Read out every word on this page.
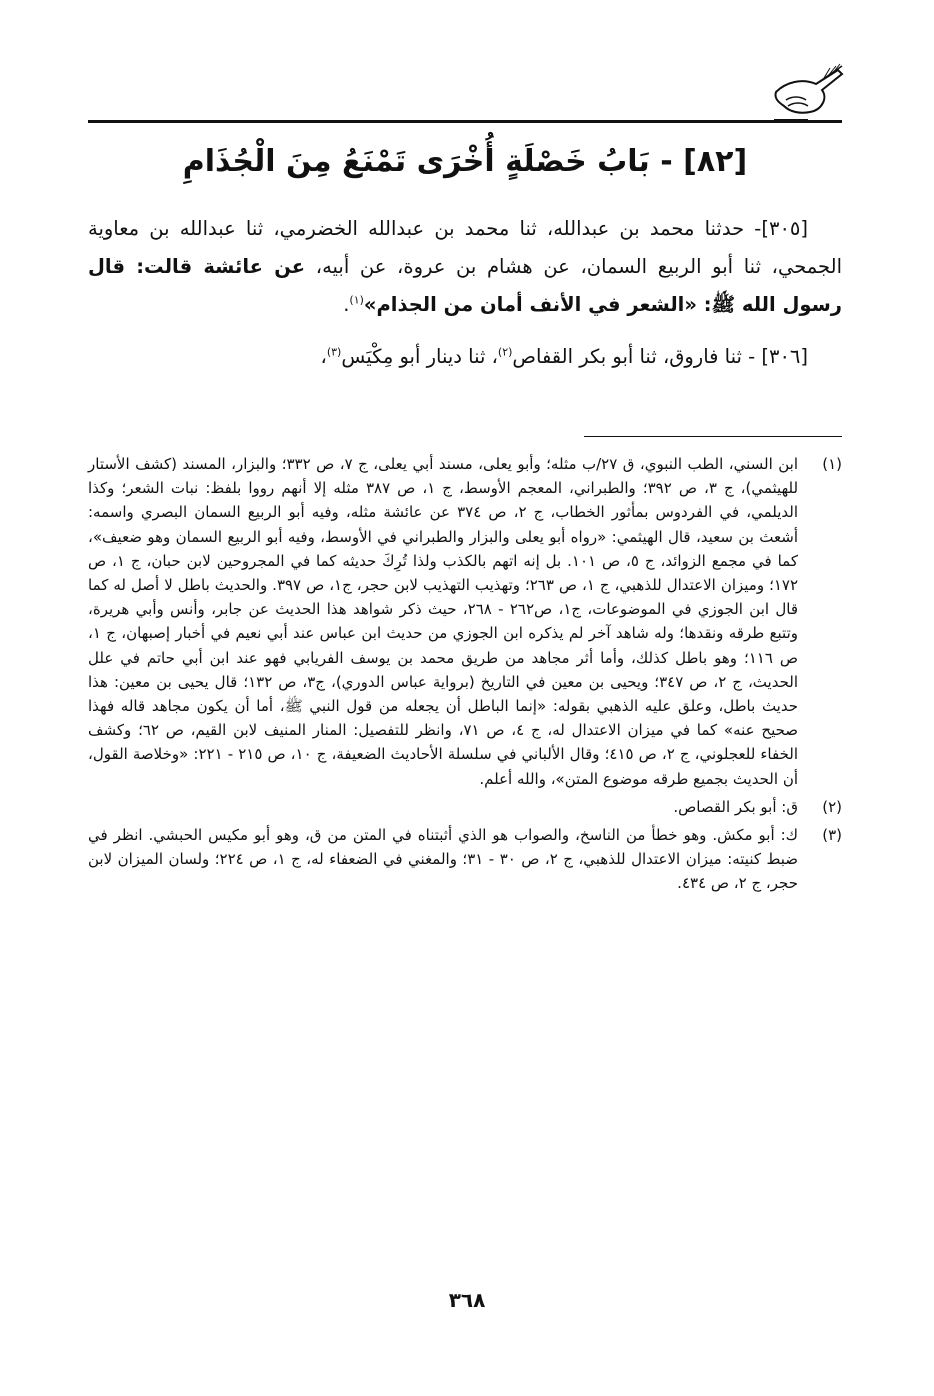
[٨٢] - بَابُ خَصْلَةٍ أُخْرَى تَمْنَعُ مِنَ الْجُذَامِ

[٣٠٥]- حدثنا محمد بن عبدالله، ثنا محمد بن عبدالله الخضرمي، ثنا عبدالله بن معاوية الجمحي، ثنا أبو الربيع السمان، عن هشام بن عروة، عن أبيه، عن عائشة قالت: قال رسول الله ﷺ: «الشعر في الأنف أمان من الجذام»$^{(١)}$.

[٣٠٦] - ثنا فاروق، ثنا أبو بكر القفاص$^{(٢)}$، ثنا دينار أبو مِكْيَس$^{(٣)}$،

(١)
ابن السني، الطب النبوي، ق ٢٧/ب مثله؛ وأبو يعلى، مسند أبي يعلى، ج ٧، ص ٣٣٢؛ والبزار، المسند (كشف الأستار للهيثمي)، ج ٣، ص ٣٩٢؛ والطبراني، المعجم الأوسط، ج ١، ص ٣٨٧ مثله إلا أنهم رووا بلفظ: نبات الشعر؛ وكذا الديلمي، في الفردوس بمأثور الخطاب، ج ٢، ص ٣٧٤ عن عائشة مثله، وفيه أبو الربيع السمان البصري واسمه: أشعث بن سعيد، قال الهيثمي: «رواه أبو يعلى والبزار والطبراني في الأوسط، وفيه أبو الربيع السمان وهو ضعيف»، كما في مجمع الزوائد، ج ٥، ص ١٠١. بل إنه اتهم بالكذب ولذا تُرِكَ حديثه كما في المجروحين لابن حبان، ج ١، ص ١٧٢؛ وميزان الاعتدال للذهبي، ج ١، ص ٢٦٣؛ وتهذيب التهذيب لابن حجر، ج١، ص ٣٩٧. والحديث باطل لا أصل له كما قال ابن الجوزي في الموضوعات، ج١، ص٢٦٢ - ٢٦٨، حيث ذكر شواهد هذا الحديث عن جابر، وأنس وأبي هريرة، وتتبع طرقه ونقدها؛ وله شاهد آخر لم يذكره ابن الجوزي من حديث ابن عباس عند أبي نعيم في أخبار إصبهان، ج ١، ص ١١٦؛ وهو باطل كذلك، وأما أثر مجاهد من طريق محمد بن يوسف الفريابي فهو عند ابن أبي حاتم في علل الحديث، ج ٢، ص ٣٤٧؛ ويحيى بن معين في التاريخ (برواية عباس الدوري)، ج٣، ص ١٣٢؛ قال يحيى بن معين: هذا حديث باطل، وعلق عليه الذهبي بقوله: «إنما الباطل أن يجعله من قول النبي ﷺ، أما أن يكون مجاهد قاله فهذا صحيح عنه» كما في ميزان الاعتدال له، ج ٤، ص ٧١، وانظر للتفصيل: المنار المنيف لابن القيم، ص ٦٢؛ وكشف الخفاء للعجلوني، ج ٢، ص ٤١٥؛ وقال الألباني في سلسلة الأحاديث الضعيفة، ج ١٠، ص ٢١٥ - ٢٢١: «وخلاصة القول، أن الحديث بجميع طرقه موضوع المتن»، والله أعلم.
(٢)
ق: أبو بكر القصاص.
(٣)
ك: أبو مكش. وهو خطأ من الناسخ، والصواب هو الذي أثبتناه في المتن من ق، وهو أبو مكيس الحبشي. انظر في ضبط كنيته: ميزان الاعتدال للذهبي، ج ٢، ص ٣٠ - ٣١؛ والمغني في الضعفاء له، ج ١، ص ٢٢٤؛ ولسان الميزان لابن حجر، ج ٢، ص ٤٣٤.
٣٦٨
